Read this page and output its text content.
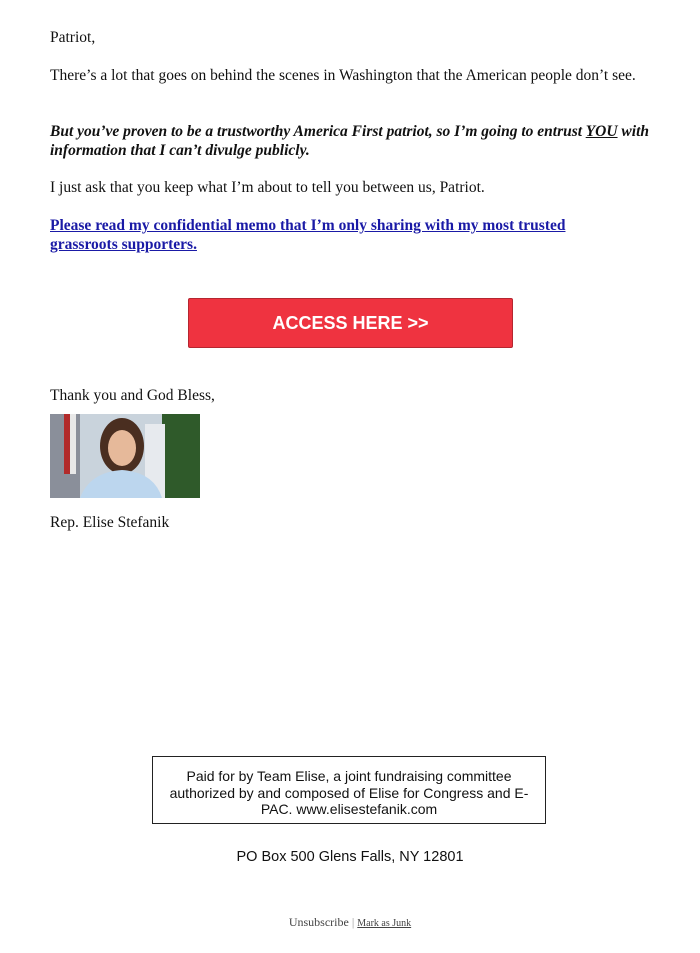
Patriot,
There’s a lot that goes on behind the scenes in Washington that the American people don’t see.
But you’ve proven to be a trustworthy America First patriot, so I’m going to entrust YOU with information that I can’t divulge publicly.
I just ask that you keep what I’m about to tell you between us, Patriot.
Please read my confidential memo that I’m only sharing with my most trusted grassroots supporters.
ACCESS HERE >>
Thank you and God Bless,
Rep. Elise Stefanik
Paid for by Team Elise, a joint fundraising committee authorized by and composed of Elise for Congress and E-PAC. www.elisestefanik.com
PO Box 500 Glens Falls, NY 12801
Unsubscribe | Mark as Junk
